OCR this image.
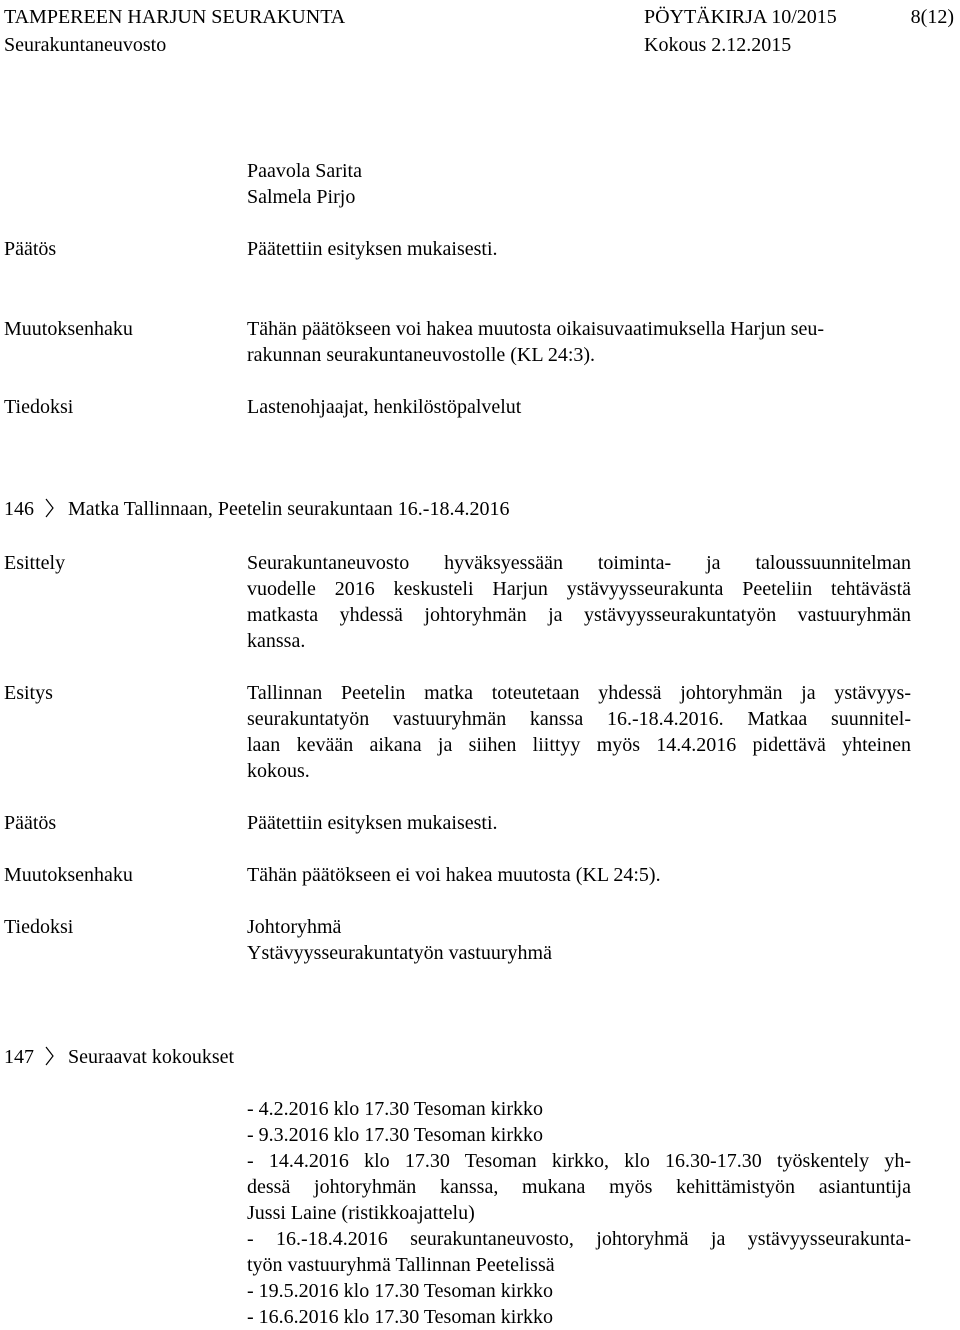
TAMPEREEN HARJUN SEURAKUNTA	PÖYTÄKIRJA 10/2015	8(12)
Seurakuntaneuvosto	Kokous 2.12.2015
Paavola Sarita
Salmela Pirjo
Päätös	Päätettiin esityksen mukaisesti.
Muutoksenhaku	Tähän päätökseen voi hakea muutosta oikaisuvaatimuksella Harjun seu-
rakunnan seurakuntaneuvostolle (KL 24:3).
Tiedoksi	Lastenohjaajat, henkilöstöpalvelut
146 Matka Tallinnaan, Peetelin seurakuntaan 16.-18.4.2016
Esittely	Seurakuntaneuvosto hyväksyessään toiminta- ja taloussuunnitelman
vuodelle 2016 keskusteli Harjun ystävyysseurakunta Peeteliin tehtävästä
matkasta yhdessä johtoryhmän ja ystävyysseurakuntatyön vastuuryhmän
kanssa.
Esitys	Tallinnan Peetelin matka toteutetaan yhdessä johtoryhmän ja ystävyys-
seurakuntatyön vastuuryhmän kanssa 16.-18.4.2016. Matkaa suunnitel-
laan kevään aikana ja siihen liittyy myös 14.4.2016 pidettävä yhteinen
kokous.
Päätös	Päätettiin esityksen mukaisesti.
Muutoksenhaku	Tähän päätökseen ei voi hakea muutosta (KL 24:5).
Tiedoksi	Johtoryhmä
Ystävyysseurakuntatyön vastuuryhmä
147 Seuraavat kokoukset
- 4.2.2016 klo 17.30 Tesoman kirkko
- 9.3.2016 klo 17.30 Tesoman kirkko
- 14.4.2016 klo 17.30 Tesoman kirkko, klo 16.30-17.30 työskentely yh-
dessä johtoryhmän kanssa, mukana myös kehittämistyön asiantuntija
Jussi Laine (ristikkoajattelu)
- 16.-18.4.2016 seurakuntaneuvosto, johtoryhmä ja ystävyysseurakunta-
työn vastuuryhmä Tallinnan Peetelissä
- 19.5.2016 klo 17.30 Tesoman kirkko
- 16.6.2016 klo 17.30 Tesoman kirkko
